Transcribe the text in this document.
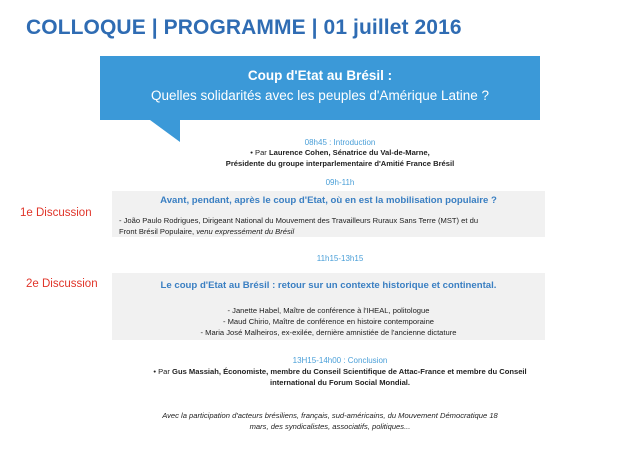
COLLOQUE | PROGRAMME | 01 juillet 2016
Coup d'Etat au Brésil :
Quelles solidarités avec les peuples d'Amérique Latine ?
08h45 : Introduction
• Par Laurence Cohen, Sénatrice du Val-de-Marne,
Présidente du groupe interparlementaire d'Amitié France Brésil
09h-11h
1e Discussion
Avant, pendant, après le coup d'Etat, où en est la mobilisation populaire ?
- João Paulo Rodrigues, Dirigeant National du Mouvement des Travailleurs Ruraux Sans Terre (MST) et du
Front Brésil Populaire, venu expressément du Brésil
11h15-13h15
2e Discussion	Le coup d'Etat au Brésil : retour sur un contexte historique et continental.
- Janette Habel, Maître de conférence à l'IHEAL, politologue
- Maud Chirio, Maître de conférence en histoire contemporaine
- Maria José Malheiros, ex-exilée, dernière amnistiée de l'ancienne dictature
13H15-14h00 : Conclusion
• Par Gus Massiah, Économiste, membre du Conseil Scientifique de Attac-France et membre du Conseil
international du Forum Social Mondial.
Avec la participation d'acteurs brésiliens, français, sud-américains, du Mouvement Démocratique 18
mars, des syndicalistes, associatifs, politiques...
